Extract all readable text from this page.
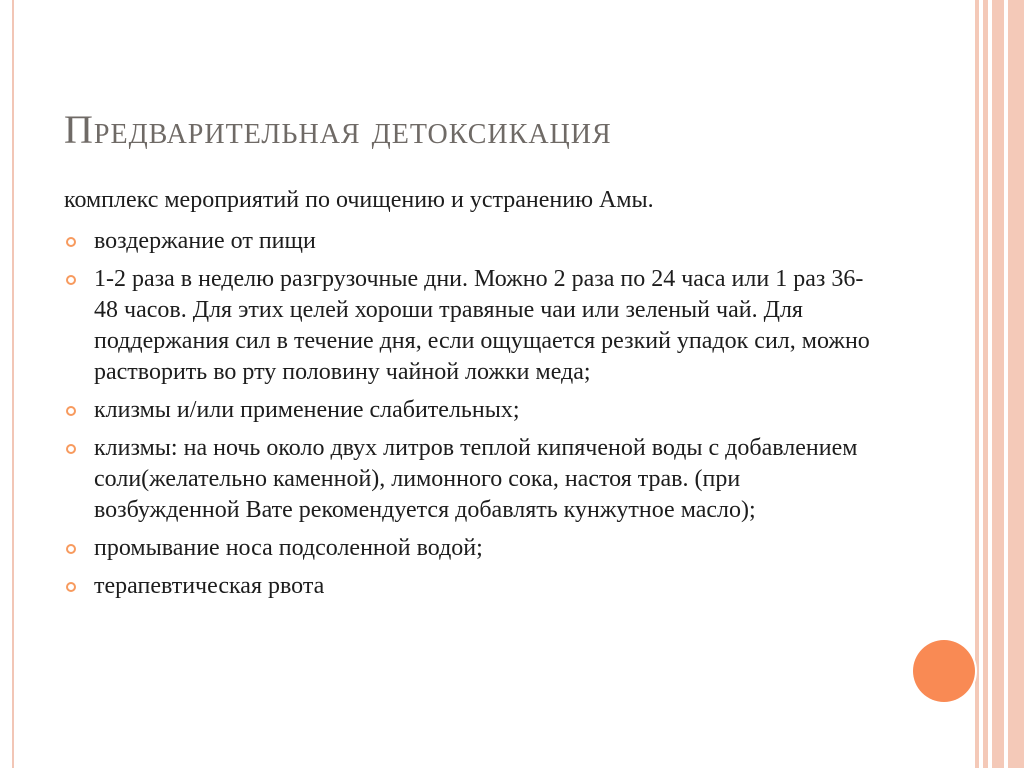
Предварительная детоксикация

комплекс мероприятий по очищению и устранению Амы.

воздержание от пищи
1-2 раза в неделю разгрузочные дни. Можно 2 раза по 24 часа или 1 раз 36-48 часов. Для этих целей хороши травяные чаи или зеленый чай. Для поддержания сил в течение дня, если ощущается резкий упадок сил, можно растворить во рту половину чайной ложки меда;
клизмы и/или применение слабительных;
клизмы: на ночь около двух литров теплой кипяченой воды с добавлением соли(желательно каменной), лимонного сока, настоя трав. (при возбужденной Вате рекомендуется добавлять кунжутное масло);
промывание носа подсоленной водой;
терапевтическая рвота
